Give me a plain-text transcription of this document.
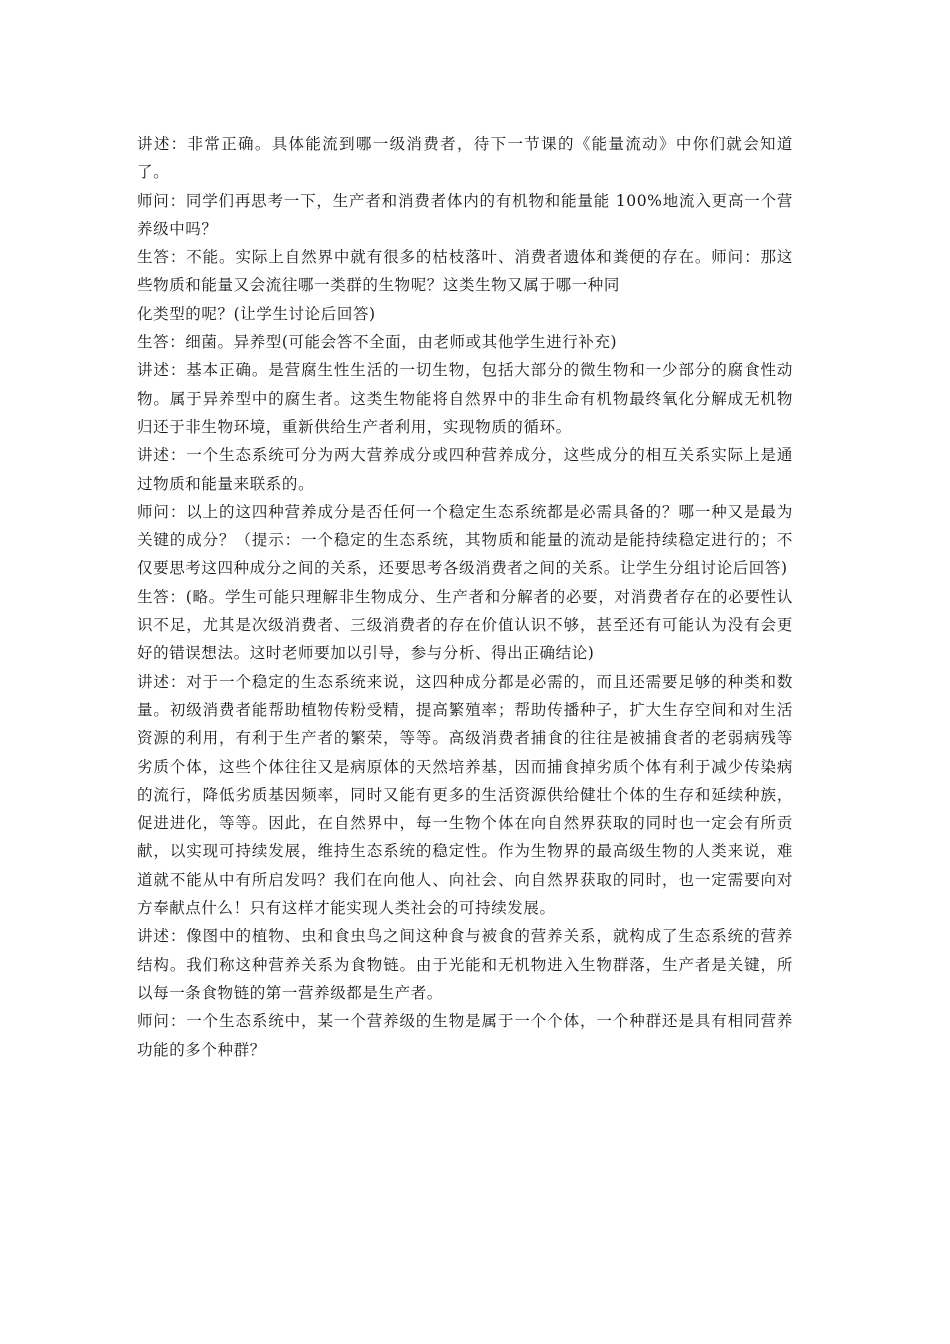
讲述：非常正确。具体能流到哪一级消费者，待下一节课的《能量流动》中你们就会知道了。

师问：同学们再思考一下，生产者和消费者体内的有机物和能量能 100%地流入更高一个营养级中吗？

生答：不能。实际上自然界中就有很多的枯枝落叶、消费者遗体和粪便的存在。师问：那这些物质和能量又会流往哪一类群的生物呢？这类生物又属于哪一种同

化类型的呢？(让学生讨论后回答)

生答：细菌。异养型(可能会答不全面，由老师或其他学生进行补充)

讲述：基本正确。是营腐生性生活的一切生物，包括大部分的微生物和一少部分的腐食性动物。属于异养型中的腐生者。这类生物能将自然界中的非生命有机物最终氧化分解成无机物归还于非生物环境，重新供给生产者利用，实现物质的循环。

讲述：一个生态系统可分为两大营养成分或四种营养成分，这些成分的相互关系实际上是通过物质和能量来联系的。

师问：以上的这四种营养成分是否任何一个稳定生态系统都是必需具备的？哪一种又是最为关键的成分？（提示：一个稳定的生态系统，其物质和能量的流动是能持续稳定进行的；不仅要思考这四种成分之间的关系，还要思考各级消费者之间的关系。让学生分组讨论后回答)

生答：(略。学生可能只理解非生物成分、生产者和分解者的必要，对消费者存在的必要性认识不足，尤其是次级消费者、三级消费者的存在价值认识不够，甚至还有可能认为没有会更好的错误想法。这时老师要加以引导，参与分析、得出正确结论)

讲述：对于一个稳定的生态系统来说，这四种成分都是必需的，而且还需要足够的种类和数量。初级消费者能帮助植物传粉受精，提高繁殖率；帮助传播种子，扩大生存空间和对生活资源的利用，有利于生产者的繁荣，等等。高级消费者捕食的往往是被捕食者的老弱病残等劣质个体，这些个体往往又是病原体的天然培养基，因而捕食掉劣质个体有利于减少传染病的流行，降低劣质基因频率，同时又能有更多的生活资源供给健壮个体的生存和延续种族，促进进化，等等。因此，在自然界中，每一生物个体在向自然界获取的同时也一定会有所贡献，以实现可持续发展，维持生态系统的稳定性。作为生物界的最高级生物的人类来说，难道就不能从中有所启发吗？我们在向他人、向社会、向自然界获取的同时，也一定需要向对方奉献点什么！只有这样才能实现人类社会的可持续发展。

讲述：像图中的植物、虫和食虫鸟之间这种食与被食的营养关系，就构成了生态系统的营养结构。我们称这种营养关系为食物链。由于光能和无机物进入生物群落，生产者是关键，所以每一条食物链的第一营养级都是生产者。

师问：一个生态系统中，某一个营养级的生物是属于一个个体，一个种群还是具有相同营养功能的多个种群？
